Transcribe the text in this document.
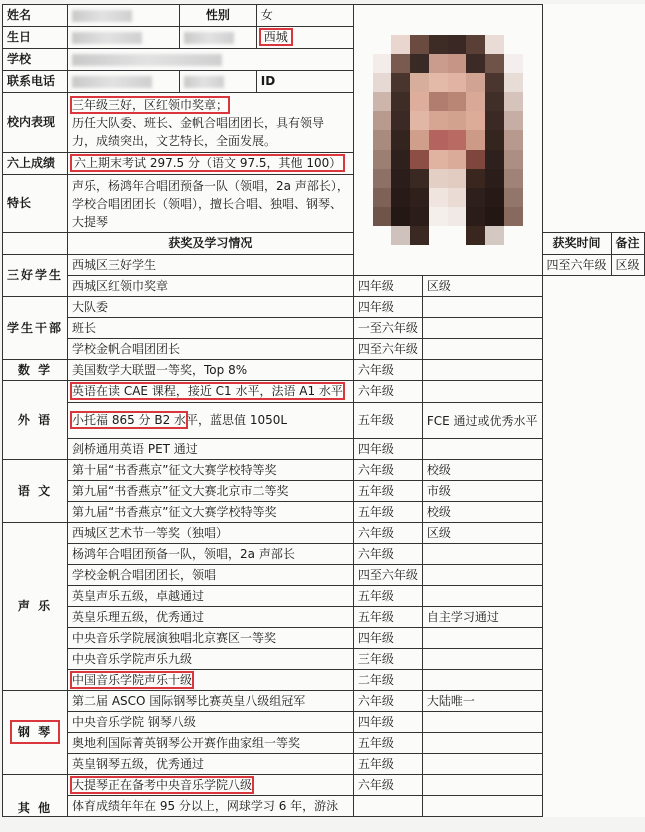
姓名		性别	女				

生日			西城				
学校							
联系电话			ID				
校内表现	三年级三好，区红领巾奖章；
历任大队委、班长、金帆合唱团团长，具有领导
力，成绩突出，文艺特长，全面发展。						

六上成绩	六上期末考试 297.5 分（语文 97.5，其他 100）						
特长	声乐，杨鸿年合唱团预备一队（领唱，2a 声部长），
学校合唱团团长（领唱），擅长合唱、独唱、钢琴、
大提琴						

	获奖及学习情况					获奖时间	备注
三好学生	西城区三好学生					四至六年级	区级
	西城区红领巾奖章			四年级	区级		
学生干部	大队委			四年级			
	班长			一至六年级			
	学校金帆合唱团团长			四至六年级			
数 学	美国数学大联盟一等奖，Top 8%			六年级			
外 语	英语在读 CAE 课程，接近 C1 水平，法语 A1 水平			六年级			
	小托福 865 分 B2 水平，蓝思值 1050L			五年级	FCE 通过或优秀水平		
	剑桥通用英语 PET 通过			四年级			
语 文	第十届“书香燕京”征文大赛学校特等奖			六年级	校级		
	第九届“书香燕京”征文大赛北京市二等奖			五年级	市级		
	第九届“书香燕京”征文大赛学校特等奖			五年级	校级		
声 乐	西城区艺术节一等奖（独唱）			六年级	区级		
	杨鸿年合唱团预备一队，领唱，2a 声部长			六年级			
	学校金帆合唱团团长，领唱			四至六年级			
	英皇声乐五级，卓越通过			五年级			
	英皇乐理五级，优秀通过			五年级	自主学习通过		
	中央音乐学院展演独唱北京赛区一等奖			四年级			
	中央音乐学院声乐九级			三年级			
	中国音乐学院声乐十级			二年级			
钢 琴	第二届 ASCO 国际钢琴比赛英皇八级组冠军			六年级	大陆唯一		
	中央音乐学院 钢琴八级			四年级			
	奥地利国际菁英钢琴公开赛作曲家组一等奖			五年级			
	英皇钢琴五级，优秀通过			五年级			
其 他	大提琴正在备考中央音乐学院八级			六年级			
	体育成绩年年在 95 分以上，网球学习 6 年，游泳						
